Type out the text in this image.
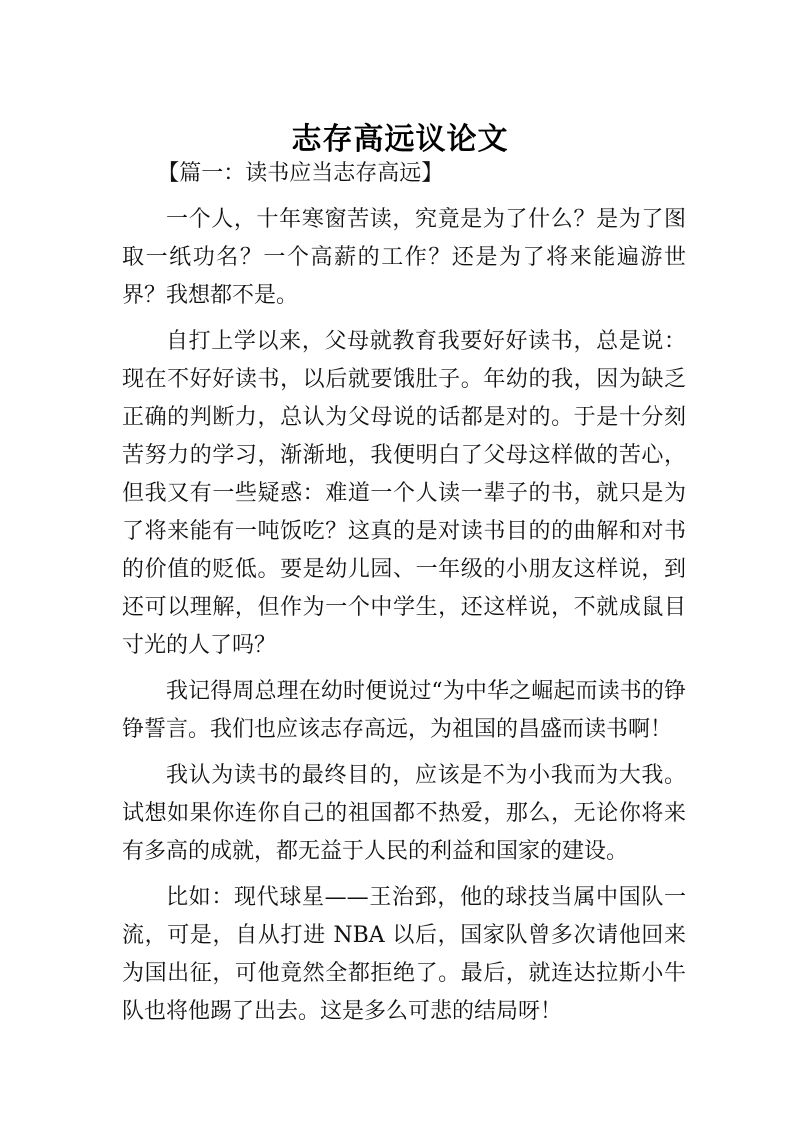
志存高远议论文

【篇一：读书应当志存高远】

一个人，十年寒窗苦读，究竟是为了什么？是为了图取一纸功名？一个高薪的工作？还是为了将来能遍游世界？我想都不是。

自打上学以来，父母就教育我要好好读书，总是说：现在不好好读书，以后就要饿肚子。年幼的我，因为缺乏正确的判断力，总认为父母说的话都是对的。于是十分刻苦努力的学习，渐渐地，我便明白了父母这样做的苦心，但我又有一些疑惑：难道一个人读一辈子的书，就只是为了将来能有一吨饭吃？这真的是对读书目的的曲解和对书的价值的贬低。要是幼儿园、一年级的小朋友这样说，到还可以理解，但作为一个中学生，还这样说，不就成鼠目寸光的人了吗？

我记得周总理在幼时便说过“为中华之崛起而读书的铮铮誓言。我们也应该志存高远，为祖国的昌盛而读书啊！

我认为读书的最终目的，应该是不为小我而为大我。试想如果你连你自己的祖国都不热爱，那么，无论你将来有多高的成就，都无益于人民的利益和国家的建设。

比如：现代球星——王治郅，他的球技当属中国队一流，可是，自从打进 NBA 以后，国家队曾多次请他回来为国出征，可他竟然全都拒绝了。最后，就连达拉斯小牛队也将他踢了出去。这是多么可悲的结局呀！
